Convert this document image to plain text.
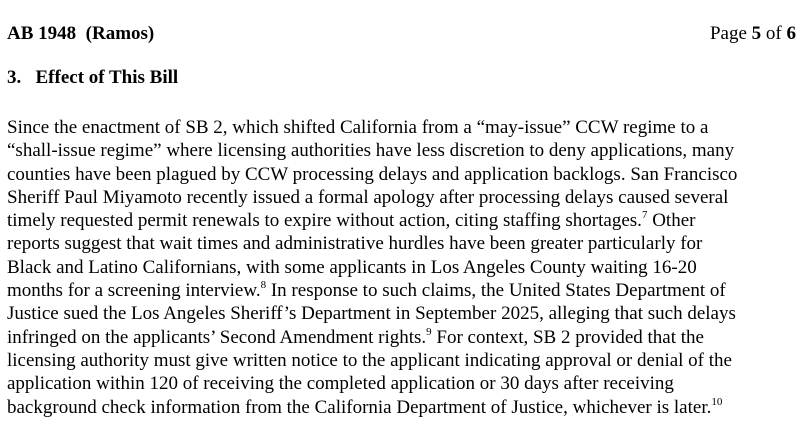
AB 1948 (Ramos)	Page 5 of 6
3. Effect of This Bill
Since the enactment of SB 2, which shifted California from a “may-issue” CCW regime to a
“shall-issue regime” where licensing authorities have less discretion to deny applications, many
counties have been plagued by CCW processing delays and application backlogs. San Francisco
Sheriff Paul Miyamoto recently issued a formal apology after processing delays caused several
timely requested permit renewals to expire without action, citing staffing shortages.$^7$ Other
reports suggest that wait times and administrative hurdles have been greater particularly for
Black and Latino Californians, with some applicants in Los Angeles County waiting 16-20
months for a screening interview.$^8$ In response to such claims, the United States Department of
Justice sued the Los Angeles Sheriff’s Department in September 2025, alleging that such delays
infringed on the applicants’ Second Amendment rights.$^9$ For context, SB 2 provided that the
licensing authority must give written notice to the applicant indicating approval or denial of the
application within 120 of receiving the completed application or 30 days after receiving
background check information from the California Department of Justice, whichever is later.$^{10}$
